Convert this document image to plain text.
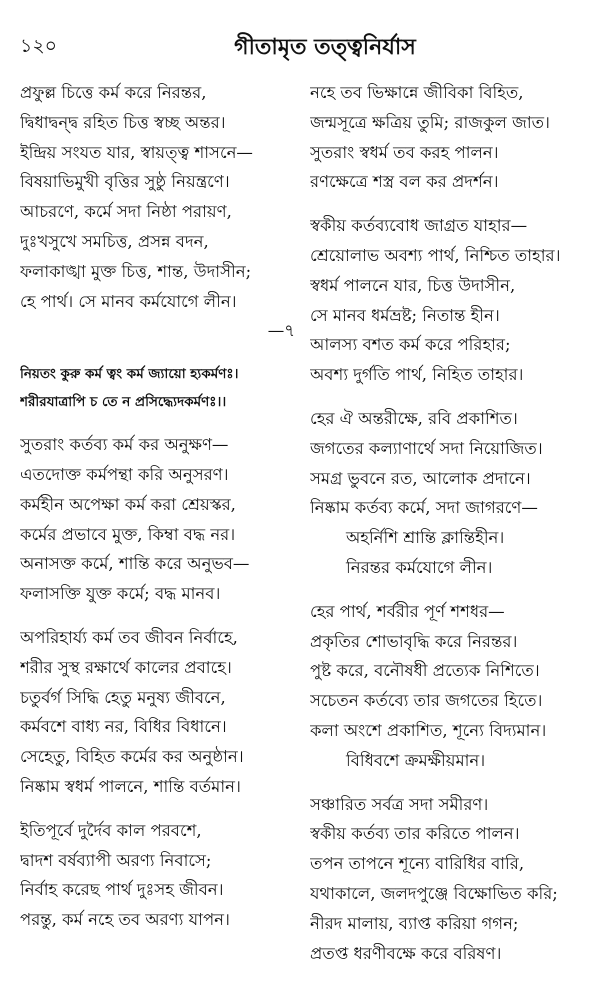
১২০	গীতামৃত তত্ত্বনির্যাস
প্রফুল্ল চিত্তে কর্ম করে নিরন্তর,
দ্বিধাদ্বন্দ্ব রহিত চিত্ত স্বচ্ছ অন্তর।
ইন্দ্রিয় সংযত যার, স্বায়ত্ত্ব শাসনে—
বিষয়াভিমুখী বৃত্তির সুষ্ঠু নিয়ন্ত্রণে।
আচরণে, কর্মে সদা নিষ্ঠা পরায়ণ,
দুঃখসুখে সমচিত্ত, প্রসন্ন বদন,
ফলাকাঙ্খা মুক্ত চিত্ত, শান্ত, উদাসীন;
হে পার্থ। সে মানব কর্মযোগে লীন।
—৭
নিয়তং কুরু কর্ম ত্বং কর্ম জ্যায়ো হ্যকর্মণঃ।
শরীরযাত্রাপি চ তে ন প্রসিদ্ধ্যেদকর্মণঃ।।
সুতরাং কর্তব্য কর্ম কর অনুক্ষণ—
এতদোক্ত কর্মপন্থা করি অনুসরণ।
কর্মহীন অপেক্ষা কর্ম করা শ্রেয়স্কর,
কর্মের প্রভাবে মুক্ত, কিম্বা বদ্ধ নর।
অনাসক্ত কর্মে, শান্তি করে অনুভব—
ফলাসক্তি যুক্ত কর্মে; বদ্ধ মানব।
অপরিহার্য্য কর্ম তব জীবন নির্বাহে,
শরীর সুস্থ রক্ষার্থে কালের প্রবাহে।
চতুর্বর্গ সিদ্ধি হেতু মনুষ্য জীবনে,
কর্মবশে বাধ্য নর, বিধির বিধানে।
সেহেতু, বিহিত কর্মের কর অনুষ্ঠান।
নিষ্কাম স্বধর্ম পালনে, শান্তি বর্তমান।
ইতিপূর্বে দুর্দৈব কাল পরবশে,
দ্বাদশ বর্ষব্যাপী অরণ্য নিবাসে;
নির্বাহ করেছ পার্থ দুঃসহ জীবন।
পরন্তু, কর্ম নহে তব অরণ্য যাপন।
নহে তব ভিক্ষান্নে জীবিকা বিহিত,
জন্মসূত্রে ক্ষত্রিয় তুমি; রাজকুল জাত।
সুতরাং স্বধর্ম তব করহ পালন।
রণক্ষেত্রে শস্ত্র বল কর প্রদর্শন।
স্বকীয় কর্তব্যবোধ জাগ্রত যাহার—
শ্রেয়োলাভ অবশ্য পার্থ, নিশ্চিত তাহার।
স্বধর্ম পালনে যার, চিত্ত উদাসীন,
সে মানব ধর্মভ্রষ্ট; নিতান্ত হীন।
আলস্য বশত কর্ম করে পরিহার;
অবশ্য দুর্গতি পার্থ, নিহিত তাহার।
হের ঐ অন্তরীক্ষে, রবি প্রকাশিত।
জগতের কল্যাণার্থে সদা নিয়োজিত।
সমগ্র ভুবনে রত, আলোক প্রদানে।
নিষ্কাম কর্তব্য কর্মে, সদা জাগরণে—
অহর্নিশি শ্রান্তি ক্লান্তিহীন।
নিরন্তর কর্মযোগে লীন।
হের পার্থ, শর্বরীর পূর্ণ শশধর—
প্রকৃতির শোভাবৃদ্ধি করে নিরন্তর।
পুষ্ট করে, বনৌষধী প্রত্যেক নিশিতে।
সচেতন কর্তব্যে তার জগতের হিতে।
কলা অংশে প্রকাশিত, শূন্যে বিদ্যমান।
বিধিবশে ক্রমক্ষীয়মান।
সঞ্চারিত সর্বত্র সদা সমীরণ।
স্বকীয় কর্তব্য তার করিতে পালন।
তপন তাপনে শূন্যে বারিধির বারি,
যথাকালে, জলদপুঞ্জে বিক্ষোভিত করি;
নীরদ মালায়, ব্যাপ্ত করিয়া গগন;
প্রতপ্ত ধরণীবক্ষে করে বরিষণ।
